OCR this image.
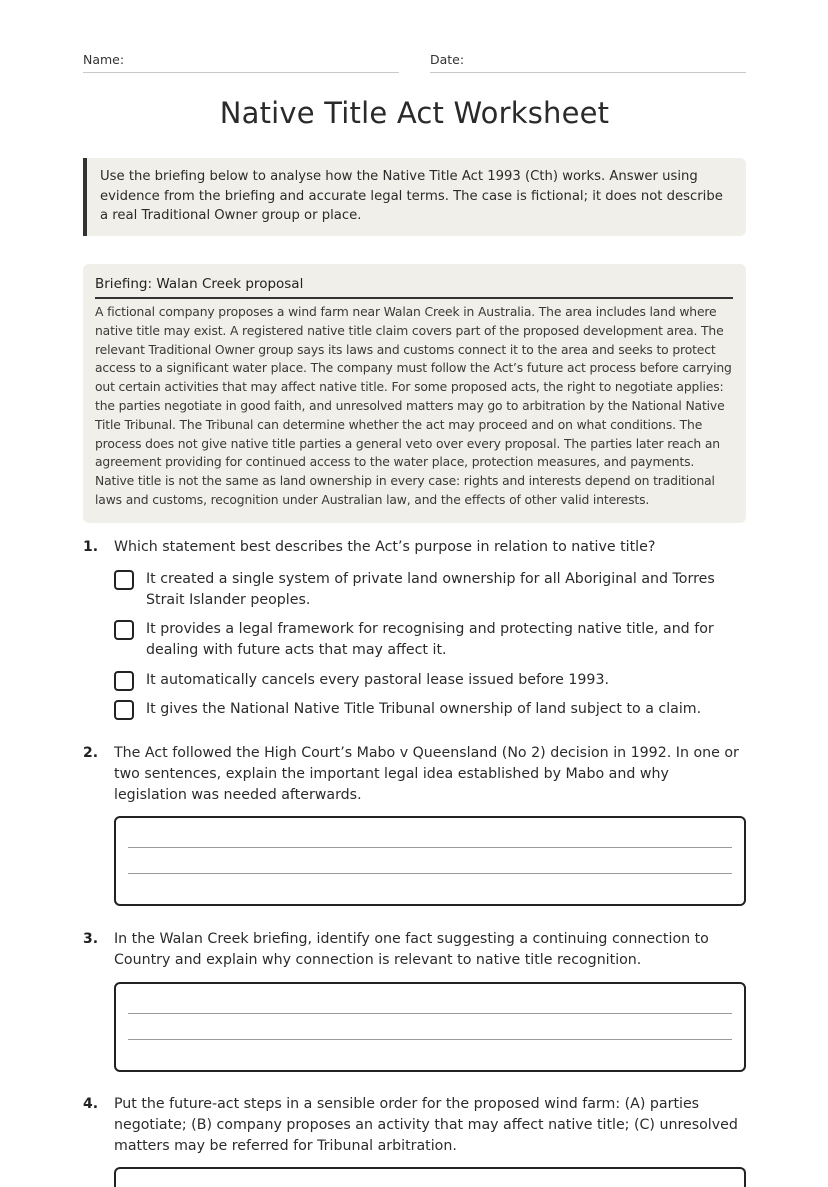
Name:	Date:
Native Title Act Worksheet
Use the briefing below to analyse how the Native Title Act 1993 (Cth) works. Answer using evidence from the briefing and accurate legal terms. The case is fictional; it does not describe a real Traditional Owner group or place.
Briefing: Walan Creek proposal
A fictional company proposes a wind farm near Walan Creek in Australia. The area includes land where native title may exist. A registered native title claim covers part of the proposed development area. The relevant Traditional Owner group says its laws and customs connect it to the area and seeks to protect access to a significant water place. The company must follow the Act’s future act process before carrying out certain activities that may affect native title. For some proposed acts, the right to negotiate applies: the parties negotiate in good faith, and unresolved matters may go to arbitration by the National Native Title Tribunal. The Tribunal can determine whether the act may proceed and on what conditions. The process does not give native title parties a general veto over every proposal. The parties later reach an agreement providing for continued access to the water place, protection measures, and payments. Native title is not the same as land ownership in every case: rights and interests depend on traditional laws and customs, recognition under Australian law, and the effects of other valid interests.
1. Which statement best describes the Act’s purpose in relation to native title?
It created a single system of private land ownership for all Aboriginal and Torres Strait Islander peoples.
It provides a legal framework for recognising and protecting native title, and for dealing with future acts that may affect it.
It automatically cancels every pastoral lease issued before 1993.
It gives the National Native Title Tribunal ownership of land subject to a claim.
2. The Act followed the High Court’s Mabo v Queensland (No 2) decision in 1992. In one or two sentences, explain the important legal idea established by Mabo and why legislation was needed afterwards.
3. In the Walan Creek briefing, identify one fact suggesting a continuing connection to Country and explain why connection is relevant to native title recognition.
4. Put the future-act steps in a sensible order for the proposed wind farm: (A) parties negotiate; (B) company proposes an activity that may affect native title; (C) unresolved matters may be referred for Tribunal arbitration.
